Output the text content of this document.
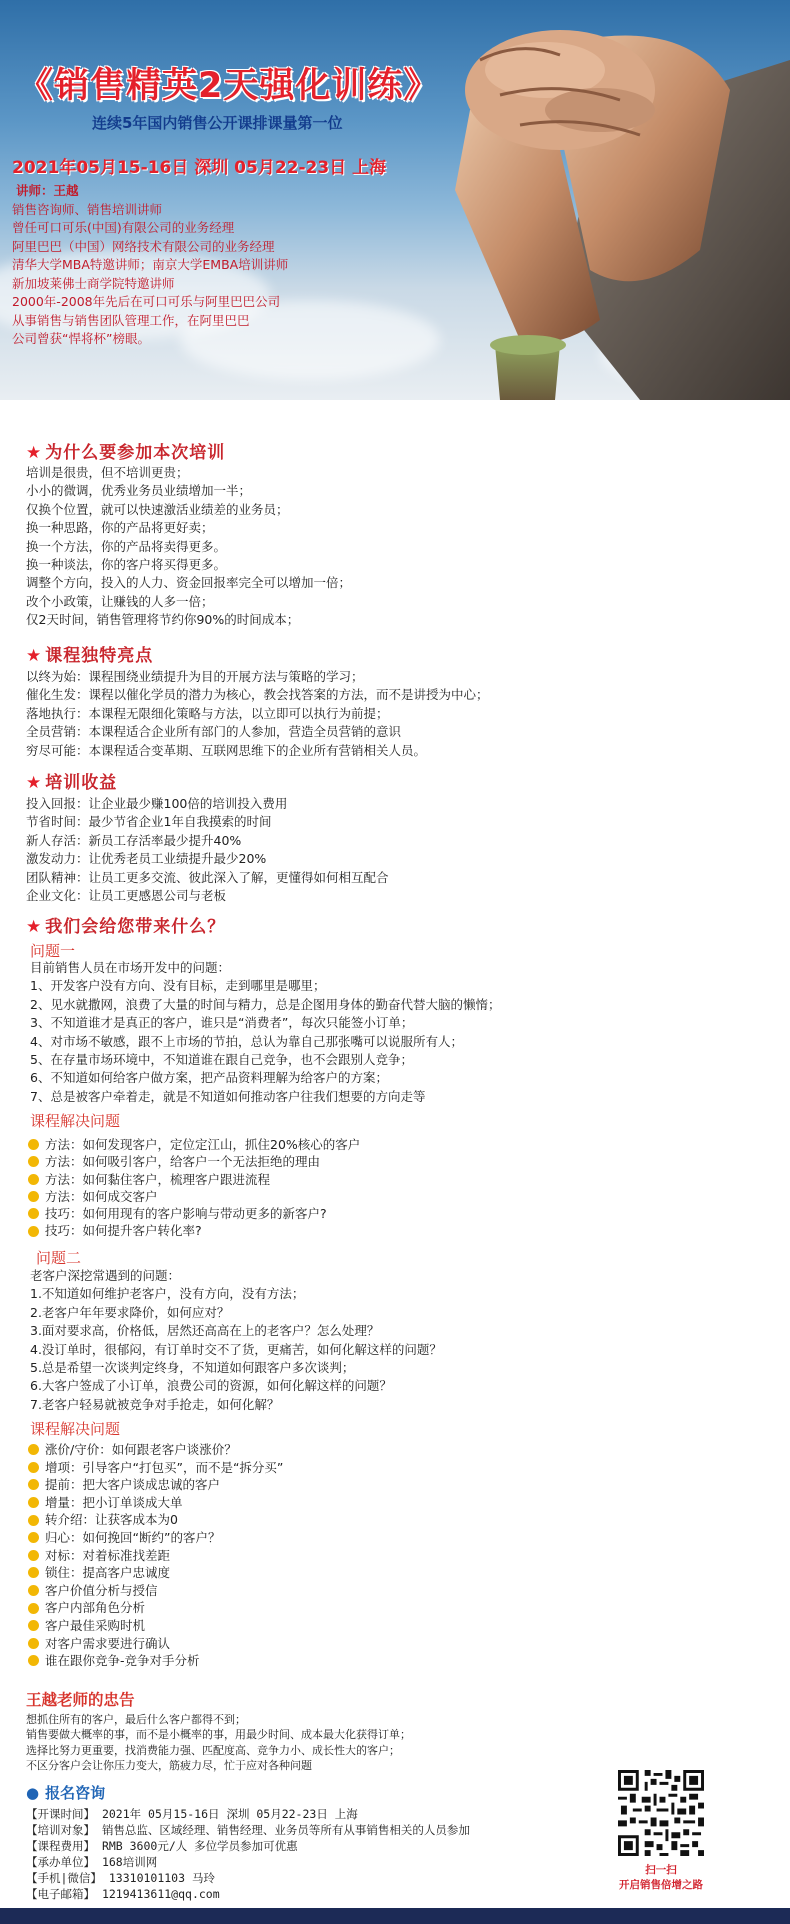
《销售精英2天强化训练》
连续5年国内销售公开课排课量第一位
2021年05月15-16日 深圳 05月22-23日 上海
讲师：王越
销售咨询师、销售培训讲师
曾任可口可乐(中国)有限公司的业务经理
阿里巴巴（中国）网络技术有限公司的业务经理
清华大学MBA特邀讲师；南京大学EMBA培训讲师
新加坡莱佛士商学院特邀讲师
2000年-2008年先后在可口可乐与阿里巴巴公司
从事销售与销售团队管理工作，在阿里巴巴
公司曾获“悍将杯”榜眼。
★ 为什么要参加本次培训
培训是很贵，但不培训更贵；
小小的微调，优秀业务员业绩增加一半；
仅换个位置，就可以快速激活业绩差的业务员；
换一种思路，你的产品将更好卖；
换一个方法，你的产品将卖得更多。
换一种谈法，你的客户将买得更多。
调整个方向，投入的人力、资金回报率完全可以增加一倍；
改个小政策，让赚钱的人多一倍；
仅2天时间，销售管理将节约你90%的时间成本；
★ 课程独特亮点
以终为始：课程围绕业绩提升为目的开展方法与策略的学习；
催化生发：课程以催化学员的潜力为核心，教会找答案的方法，而不是讲授为中心；
落地执行：本课程无限细化策略与方法，以立即可以执行为前提；
全员营销：本课程适合企业所有部门的人参加，营造全员营销的意识
穷尽可能：本课程适合变革期、互联网思维下的企业所有营销相关人员。
★ 培训收益
投入回报：让企业最少赚100倍的培训投入费用
节省时间：最少节省企业1年自我摸索的时间
新人存活：新员工存活率最少提升40%
激发动力：让优秀老员工业绩提升最少20%
团队精神：让员工更多交流、彼此深入了解，更懂得如何相互配合
企业文化：让员工更感恩公司与老板
★ 我们会给您带来什么？
问题一
目前销售人员在市场开发中的问题：
1、开发客户没有方向、没有目标，走到哪里是哪里；
2、见水就撒网，浪费了大量的时间与精力，总是企图用身体的勤奋代替大脑的懒惰；
3、不知道谁才是真正的客户，谁只是“消费者”，每次只能签小订单；
4、对市场不敏感，跟不上市场的节拍，总认为靠自己那张嘴可以说服所有人；
5、在存量市场环境中，不知道谁在跟自己竞争，也不会跟别人竞争；
6、不知道如何给客户做方案，把产品资料理解为给客户的方案；
7、总是被客户牵着走，就是不知道如何推动客户往我们想要的方向走等
课程解决问题
方法：如何发现客户，定位定江山，抓住20%核心的客户
方法：如何吸引客户，给客户一个无法拒绝的理由
方法：如何黏住客户，梳理客户跟进流程
方法：如何成交客户
技巧：如何用现有的客户影响与带动更多的新客户?
技巧：如何提升客户转化率?
问题二
老客户深挖常遇到的问题：
1.不知道如何维护老客户，没有方向，没有方法；
2.老客户年年要求降价，如何应对？
3.面对要求高，价格低，居然还高高在上的老客户？怎么处理？
4.没订单时，很郁闷，有订单时交不了货，更痛苦，如何化解这样的问题？
5.总是希望一次谈判定终身，不知道如何跟客户多次谈判；
6.大客户签成了小订单，浪费公司的资源，如何化解这样的问题？
7.老客户轻易就被竞争对手抢走，如何化解？
课程解决问题
涨价/守价：如何跟老客户谈涨价？
增项：引导客户“打包买”，而不是“拆分买”
提前：把大客户谈成忠诚的客户
增量：把小订单谈成大单
转介绍：让获客成本为0
归心：如何挽回“断约”的客户？
对标：对着标准找差距
锁住：提高客户忠诚度
客户价值分析与授信
客户内部角色分析
客户最佳采购时机
对客户需求要进行确认
谁在跟你竞争-竞争对手分析
王越老师的忠告
想抓住所有的客户，最后什么客户都得不到；
销售要做大概率的事，而不是小概率的事，用最少时间、成本最大化获得订单；
选择比努力更重要，找消费能力强、匹配度高、竞争力小、成长性大的客户；
不区分客户会让你压力变大，筋疲力尽，忙于应对各种问题
● 报名咨询
【开课时间】 2021年 05月15-16日 深圳 05月22-23日 上海
【培训对象】 销售总监、区域经理、销售经理、业务员等所有从事销售相关的人员参加
【课程费用】 RMB 3600元/人 多位学员参加可优惠
【承办单位】 168培训网
【手机|微信】 13310101103 马玲
【电子邮箱】 1219413611@qq.com
扫一扫
开启销售倍增之路
